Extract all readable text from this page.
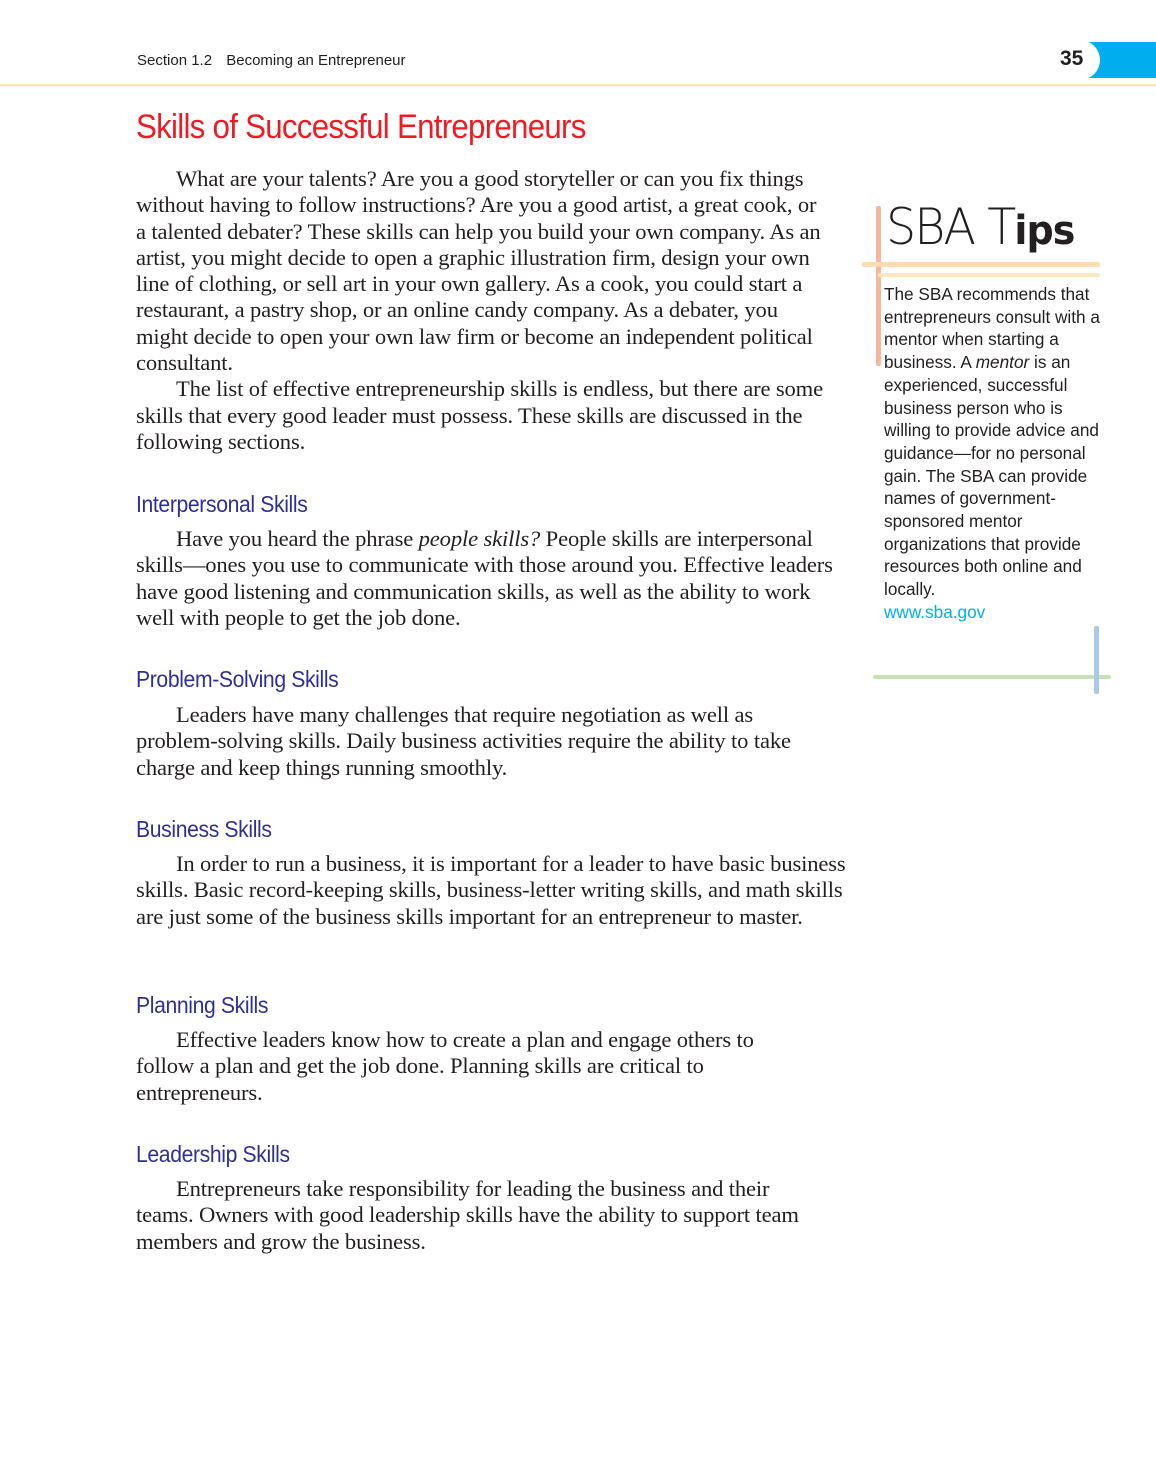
Section 1.2 Becoming an Entrepreneur	35
Skills of Successful Entrepreneurs

What are your talents? Are you a good storyteller or can you fix things without having to follow instructions? Are you a good artist, a great cook, or a talented debater? These skills can help you build your own company. As an artist, you might decide to open a graphic illustration firm, design your own line of clothing, or sell art in your own gallery. As a cook, you could start a restaurant, a pastry shop, or an online candy company. As a debater, you might decide to open your own law firm or become an independent political consultant.

The list of effective entrepreneurship skills is endless, but there are some skills that every good leader must possess. These skills are discussed in the following sections.

Interpersonal Skills

Have you heard the phrase people skills? People skills are interpersonal skills—ones you use to communicate with those around you. Effective leaders have good listening and communication skills, as well as the ability to work well with people to get the job done.

Problem-Solving Skills

Leaders have many challenges that require negotiation as well as problem-solving skills. Daily business activities require the ability to take charge and keep things running smoothly.

Business Skills

In order to run a business, it is important for a leader to have basic business skills. Basic record-keeping skills, business-letter writing skills, and math skills are just some of the business skills important for an entrepreneur to master.

Planning Skills

Effective leaders know how to create a plan and engage others to follow a plan and get the job done. Planning skills are critical to entrepreneurs.

Leadership Skills

Entrepreneurs take responsibility for leading the business and their teams. Owners with good leadership skills have the ability to support team members and grow the business.

SBA Tips
The SBA recommends that entrepreneurs consult with a mentor when starting a business. A mentor is an experienced, successful business person who is willing to provide advice and guidance—for no personal gain. The SBA can provide names of government-sponsored mentor organizations that provide resources both online and locally.
www.sba.gov
